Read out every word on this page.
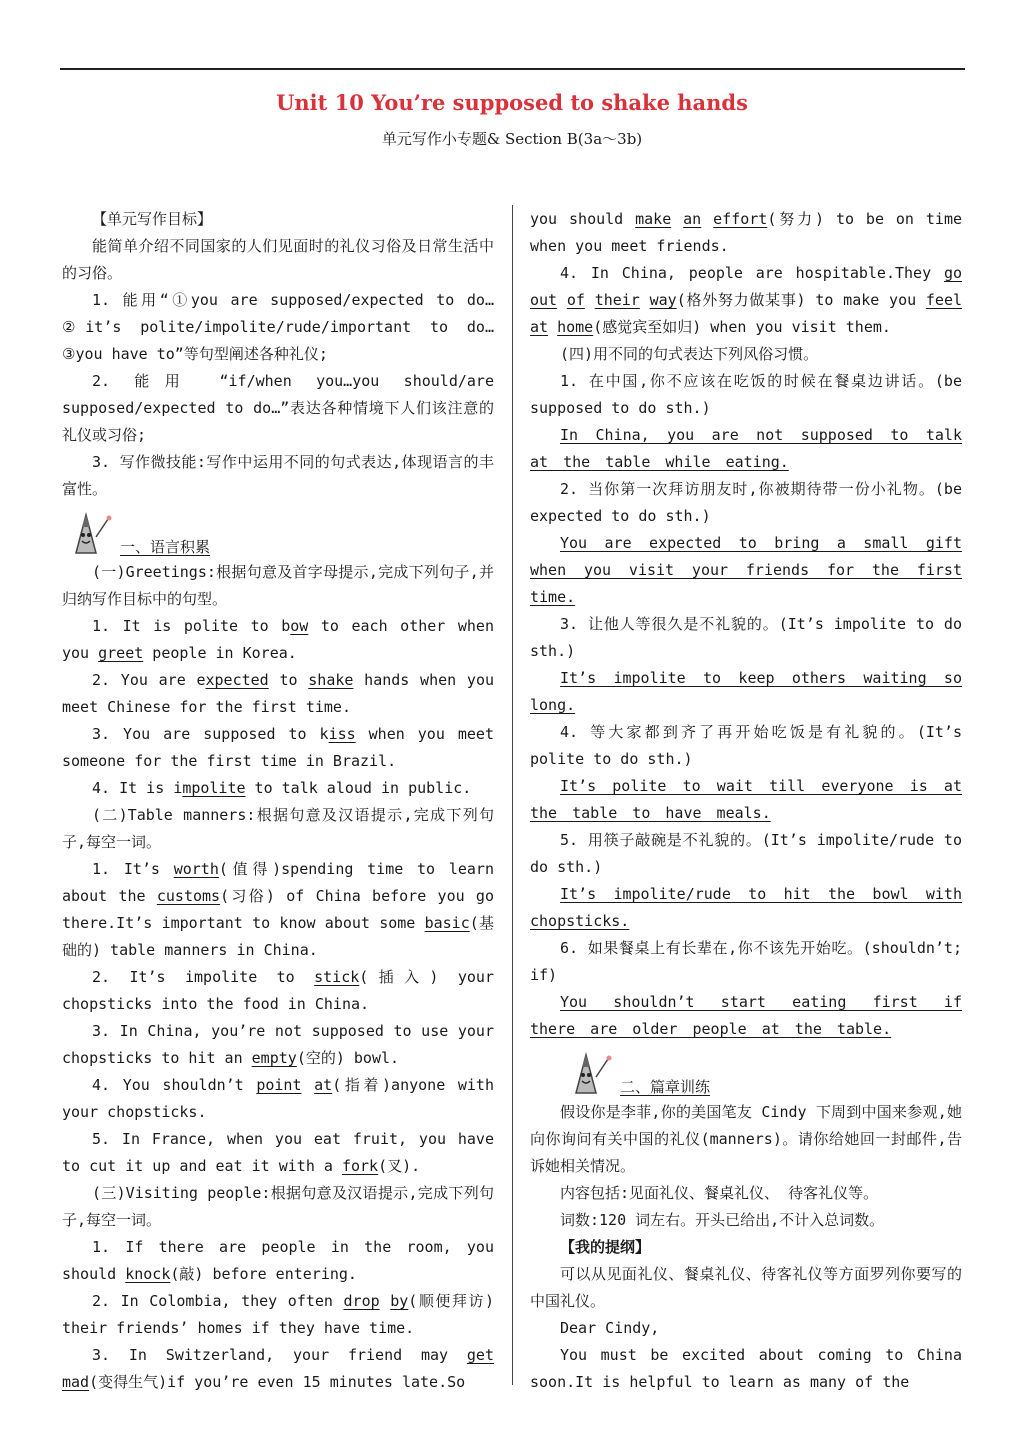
Unit 10 You’re supposed to shake hands
单元写作小专题& Section B(3a～3b)

【单元写作目标】

能简单介绍不同国家的人们见面时的礼仪习俗及日常生活中的习俗。

1. 能用“①you are supposed/expected to do…②it’s polite/impolite/rude/important to do…③you have to”等句型阐述各种礼仪;

2. 能用 “if/when you…you should/are supposed/expected to do…”表达各种情境下人们该注意的礼仪或习俗;

3. 写作微技能:写作中运用不同的句式表达,体现语言的丰富性。

一、语言积累

(一)Greetings:根据句意及首字母提示,完成下列句子,并归纳写作目标中的句型。

1. It is polite to bow to each other when you greet people in Korea.

2. You are expected to shake hands when you meet Chinese for the first time.

3. You are supposed to kiss when you meet someone for the first time in Brazil.

4. It is impolite to talk aloud in public.

(二)Table manners:根据句意及汉语提示,完成下列句子,每空一词。

1. It’s worth(值得)spending time to learn about the customs(习俗) of China before you go there.It’s important to know about some basic(基础的) table manners in China.

2. It’s impolite to stick(插入) your chopsticks into the food in China.

3. In China, you’re not supposed to use your chopsticks to hit an empty(空的) bowl.

4. You shouldn’t point at(指着)anyone with your chopsticks.

5. In France, when you eat fruit, you have to cut it up and eat it with a fork(叉).

(三)Visiting people:根据句意及汉语提示,完成下列句子,每空一词。

1. If there are people in the room, you should knock(敲) before entering.

2. In Colombia, they often drop by(顺便拜访) their friends’ homes if they have time.

3. In Switzerland, your friend may get mad(变得生气)if you’re even 15 minutes late.So

you should make an effort(努力) to be on time when you meet friends.

4. In China, people are hospitable.They go out of their way(格外努力做某事) to make you feel at home(感觉宾至如归) when you visit them.

(四)用不同的句式表达下列风俗习惯。

1. 在中国,你不应该在吃饭的时候在餐桌边讲话。(be supposed to do sth.)

In China, you are not supposed to talk at the table while eating.

2. 当你第一次拜访朋友时,你被期待带一份小礼物。(be expected to do sth.)

You are expected to bring a small gift when you visit your friends for the first time.

3. 让他人等很久是不礼貌的。(It’s impolite to do sth.)

It’s impolite to keep others waiting so long.

4. 等大家都到齐了再开始吃饭是有礼貌的。(It’s polite to do sth.)

It’s polite to wait till everyone is at the table to have meals.

5. 用筷子敲碗是不礼貌的。(It’s impolite/rude to do sth.)

It’s impolite/rude to hit the bowl with chopsticks.

6. 如果餐桌上有长辈在,你不该先开始吃。(shouldn’t; if)

You shouldn’t start eating first if there are older people at the table.

二、篇章训练

假设你是李菲,你的美国笔友 Cindy 下周到中国来参观,她向你询问有关中国的礼仪(manners)。请你给她回一封邮件,告诉她相关情况。

内容包括:见面礼仪、餐桌礼仪、 待客礼仪等。

词数:120 词左右。开头已给出,不计入总词数。

【我的提纲】

可以从见面礼仪、餐桌礼仪、待客礼仪等方面罗列你要写的中国礼仪。

Dear Cindy,

You must be excited about coming to China soon.It is helpful to learn as many of the
